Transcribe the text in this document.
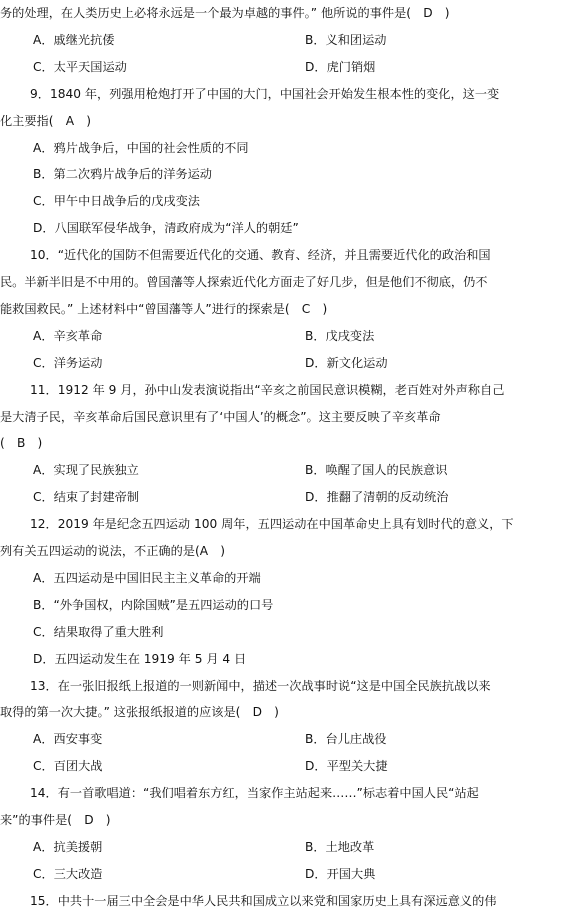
务的处理，在人类历史上必将永远是一个最为卓越的事件。” 他所说的事件是(　D　)
A．戚继光抗倭	B．义和团运动
C．太平天国运动	D．虎门销烟
9．1840 年，列强用枪炮打开了中国的大门，中国社会开始发生根本性的变化，这一变
化主要指(　A　)
A．鸦片战争后，中国的社会性质的不同
B．第二次鸦片战争后的洋务运动
C．甲午中日战争后的戊戌变法
D．八国联军侵华战争，清政府成为“洋人的朝廷”
10．“近代化的国防不但需要近代化的交通、教育、经济，并且需要近代化的政治和国
民。半新半旧是不中用的。曾国藩等人探索近代化方面走了好几步，但是他们不彻底，仍不
能救国救民。” 上述材料中“曾国藩等人”进行的探索是(　C　)
A．辛亥革命	B．戊戌变法
C．洋务运动	D．新文化运动
11．1912 年 9 月，孙中山发表演说指出“辛亥之前国民意识模糊，老百姓对外声称自己
是大清子民，辛亥革命后国民意识里有了‘中国人’的概念”。这主要反映了辛亥革命
(　B　)
A．实现了民族独立	B．唤醒了国人的民族意识
C．结束了封建帝制	D．推翻了清朝的反动统治
12．2019 年是纪念五四运动 100 周年，五四运动在中国革命史上具有划时代的意义，下
列有关五四运动的说法，不正确的是(A　)
A．五四运动是中国旧民主主义革命的开端
B．“外争国权，内除国贼”是五四运动的口号
C．结果取得了重大胜利
D．五四运动发生在 1919 年 5 月 4 日
13．在一张旧报纸上报道的一则新闻中，描述一次战事时说“这是中国全民族抗战以来
取得的第一次大捷。” 这张报纸报道的应该是(　D　)
A．西安事变	B．台儿庄战役
C．百团大战	D．平型关大捷
14．有一首歌唱道：“我们唱着东方红，当家作主站起来……”标志着中国人民“站起
来”的事件是(　D　)
A．抗美援朝	B．土地改革
C．三大改造	D．开国大典
15．中共十一届三中全会是中华人民共和国成立以来党和国家历史上具有深远意义的伟
